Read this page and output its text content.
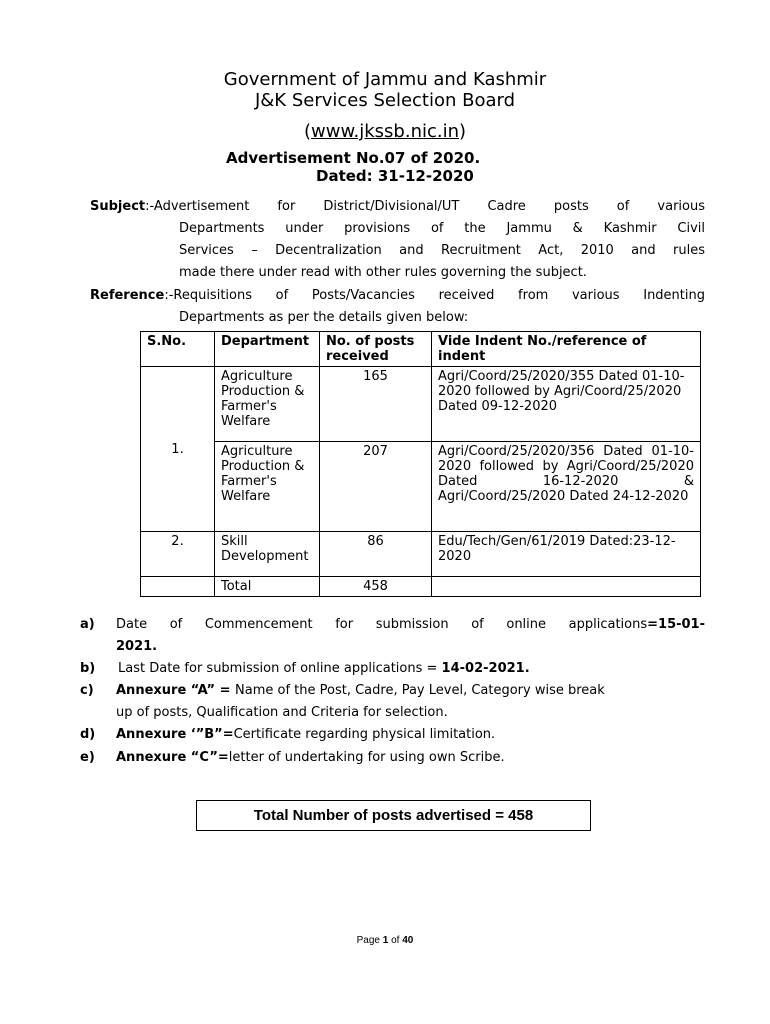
Government of Jammu and Kashmir
J&K Services Selection Board
(www.jkssb.nic.in)
Advertisement No.07 of 2020.
Dated: 31-12-2020
Subject:-Advertisement for District/Divisional/UT Cadre posts of various
Departments under provisions of the Jammu & Kashmir Civil
Services – Decentralization and Recruitment Act, 2010 and rules
made there under read with other rules governing the subject.
Reference:-Requisitions of Posts/Vacancies received from various Indenting
Departments as per the details given below:
S.No.	Department	No. of posts received	Vide Indent No./reference of indent
1.	Agriculture Production & Farmer's Welfare	165	Agri/Coord/25/2020/355 Dated 01-10-2020 followed by Agri/Coord/25/2020 Dated 09-12-2020
	Agriculture Production & Farmer's Welfare	207	Agri/Coord/25/2020/356 Dated 01-10-2020 followed by Agri/Coord/25/2020 Dated 16-12-2020 & Agri/Coord/25/2020 Dated 24-12-2020
2.	Skill Development	86	Edu/Tech/Gen/61/2019 Dated:23-12-2020
	Total	458	
a) Date of Commencement for submission of online applications=15-01-
2021.
b) Last Date for submission of online applications = 14-02-2021.
c) Annexure “A” = Name of the Post, Cadre, Pay Level, Category wise break
up of posts, Qualification and Criteria for selection.
d) Annexure ‘”B”=Certificate regarding physical limitation.
e) Annexure “C”=letter of undertaking for using own Scribe.
Total Number of posts advertised = 458
Page 1 of 40
